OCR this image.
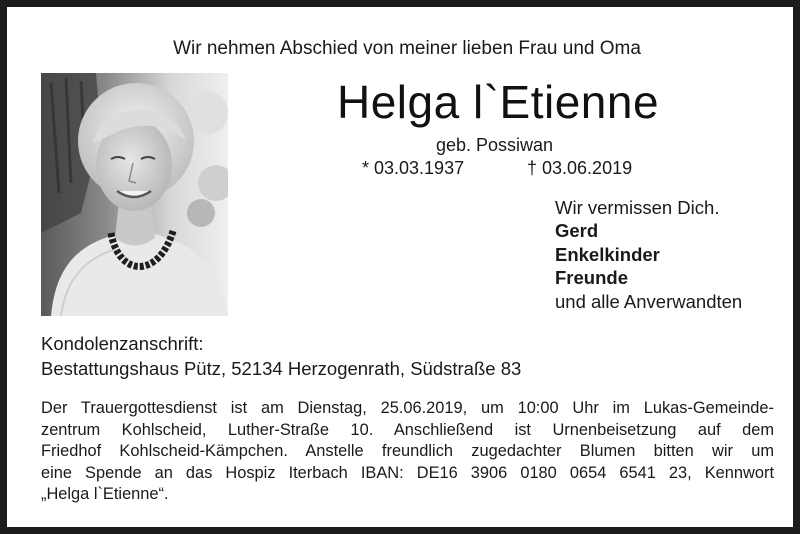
Wir nehmen Abschied von meiner lieben Frau und Oma
Helga l`Etienne
geb. Possiwan
* 03.03.1937	† 03.06.2019
Wir vermissen Dich.
Gerd
Enkelkinder
Freunde
und alle Anverwandten
Kondolenzanschrift:
Bestattungshaus Pütz, 52134 Herzogenrath, Südstraße 83
Der Trauergottesdienst ist am Dienstag, 25.06.2019, um 10:00 Uhr im Lukas-Gemeinde-
zentrum Kohlscheid, Luther-Straße 10. Anschließend ist Urnenbeisetzung auf dem
Friedhof Kohlscheid-Kämpchen. Anstelle freundlich zugedachter Blumen bitten wir um
eine Spende an das Hospiz Iterbach IBAN: DE16 3906 0180 0654 6541 23, Kennwort
„Helga l`Etienne“.
